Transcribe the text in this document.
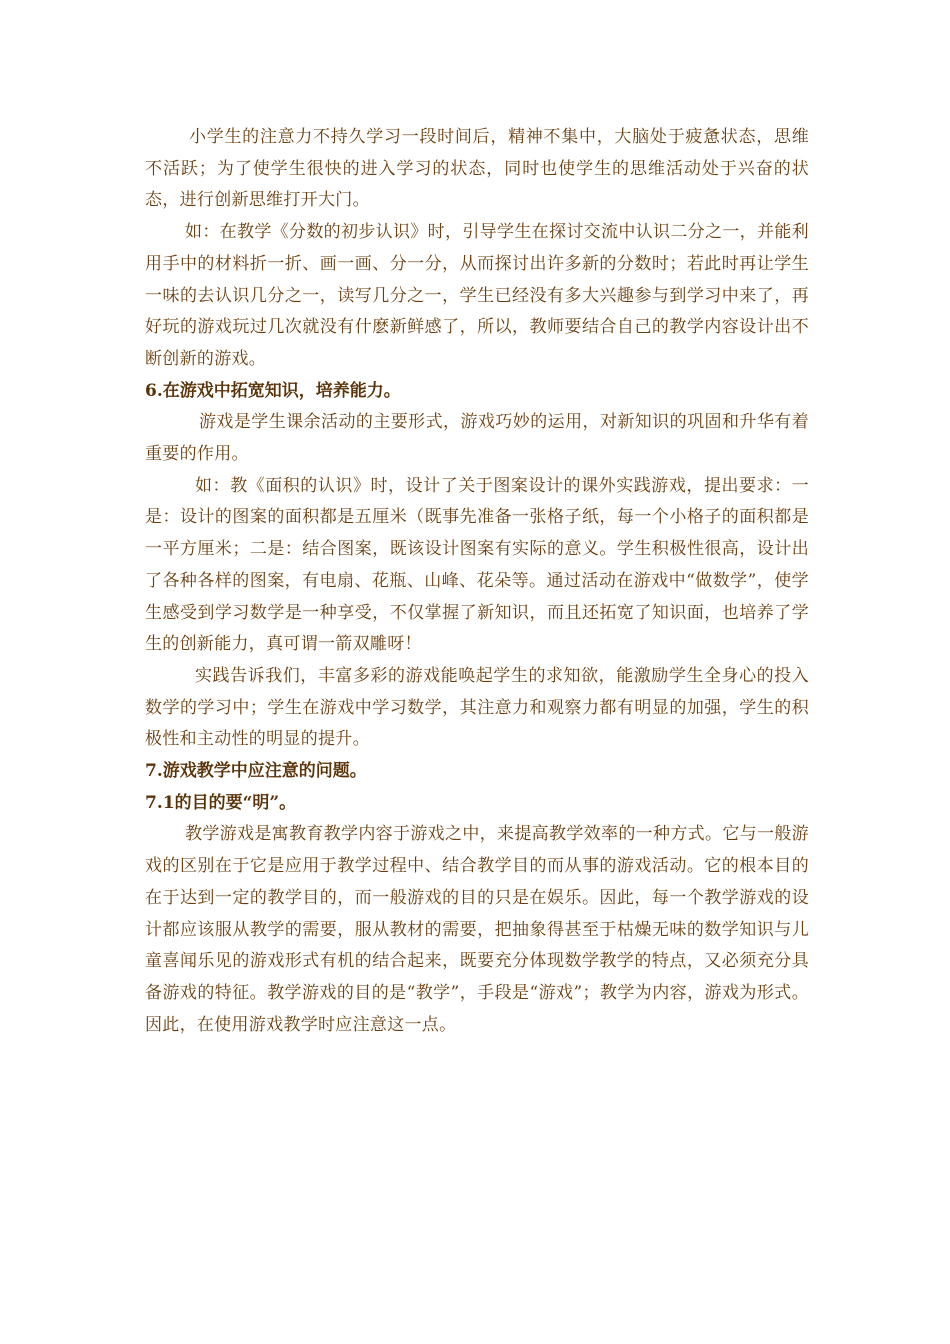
小学生的注意力不持久学习一段时间后，精神不集中，大脑处于疲惫状态，思维不活跃；为了使学生很快的进入学习的状态，同时也使学生的思维活动处于兴奋的状态，进行创新思维打开大门。

如：在教学《分数的初步认识》时，引导学生在探讨交流中认识二分之一，并能利用手中的材料折一折、画一画、分一分，从而探讨出许多新的分数时；若此时再让学生一味的去认识几分之一，读写几分之一，学生已经没有多大兴趣参与到学习中来了，再好玩的游戏玩过几次就没有什麽新鲜感了，所以，教师要结合自己的教学内容设计出不断创新的游戏。

6.在游戏中拓宽知识，培养能力。

游戏是学生课余活动的主要形式，游戏巧妙的运用，对新知识的巩固和升华有着重要的作用。

如：教《面积的认识》时，设计了关于图案设计的课外实践游戏，提出要求：一是：设计的图案的面积都是五厘米（既事先准备一张格子纸，每一个小格子的面积都是一平方厘米；二是：结合图案，既该设计图案有实际的意义。学生积极性很高，设计出了各种各样的图案，有电扇、花瓶、山峰、花朵等。通过活动在游戏中“做数学”，使学生感受到学习数学是一种享受，不仅掌握了新知识，而且还拓宽了知识面，也培养了学生的创新能力，真可谓一箭双雕呀！

实践告诉我们，丰富多彩的游戏能唤起学生的求知欲，能激励学生全身心的投入数学的学习中；学生在游戏中学习数学，其注意力和观察力都有明显的加强，学生的积极性和主动性的明显的提升。

7.游戏教学中应注意的问题。

7.1的目的要“明”。

教学游戏是寓教育教学内容于游戏之中，来提高教学效率的一种方式。它与一般游戏的区别在于它是应用于教学过程中、结合教学目的而从事的游戏活动。它的根本目的在于达到一定的教学目的，而一般游戏的目的只是在娱乐。因此，每一个教学游戏的设计都应该服从教学的需要，服从教材的需要，把抽象得甚至于枯燥无味的数学知识与儿童喜闻乐见的游戏形式有机的结合起来，既要充分体现数学教学的特点，又必须充分具备游戏的特征。教学游戏的目的是“教学”，手段是“游戏”；教学为内容，游戏为形式。因此，在使用游戏教学时应注意这一点。
